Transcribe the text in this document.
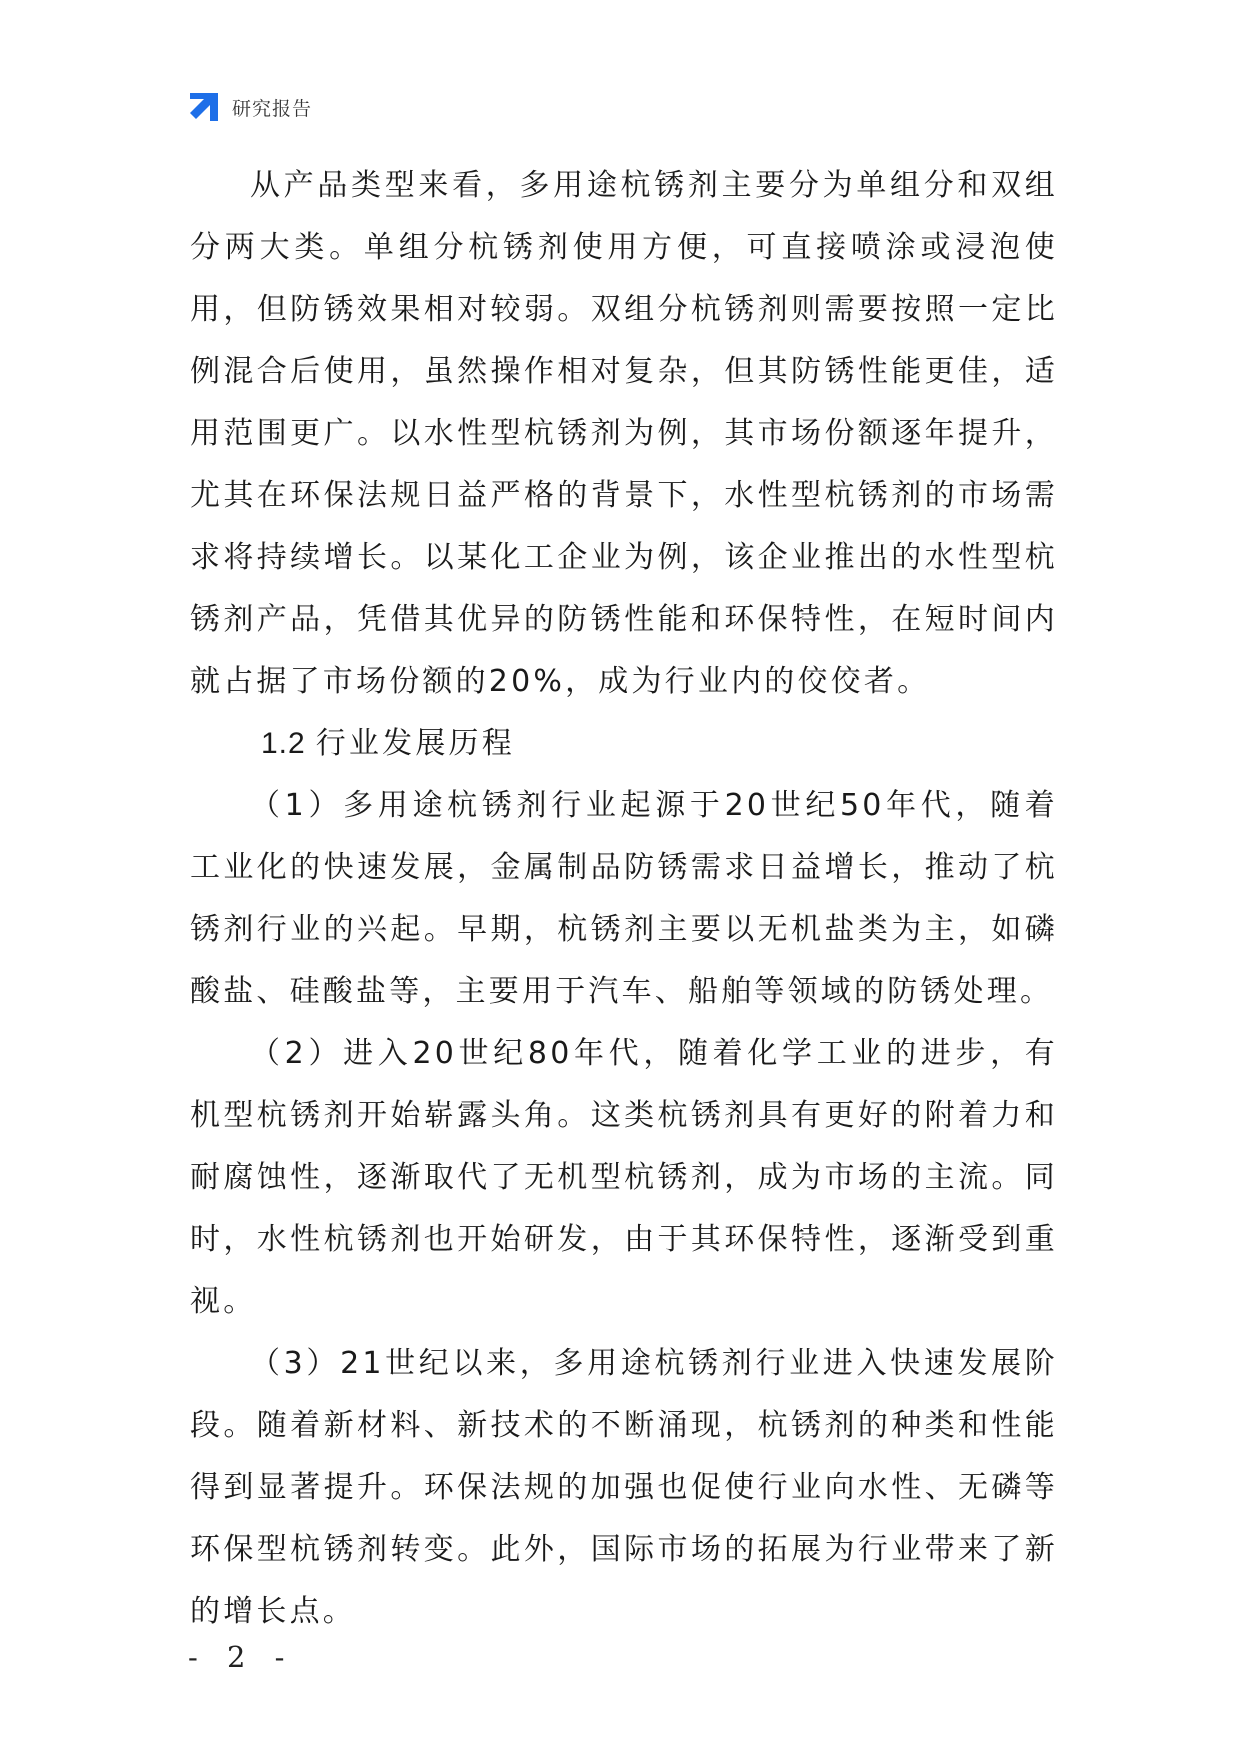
研究报告

从产品类型来看，多用途杭锈剂主要分为单组分和双组分两大类。单组分杭锈剂使用方便，可直接喷涂或浸泡使用，但防锈效果相对较弱。双组分杭锈剂则需要按照一定比例混合后使用，虽然操作相对复杂，但其防锈性能更佳，适用范围更广。以水性型杭锈剂为例，其市场份额逐年提升，尤其在环保法规日益严格的背景下，水性型杭锈剂的市场需求将持续增长。以某化工企业为例，该企业推出的水性型杭锈剂产品，凭借其优异的防锈性能和环保特性，在短时间内就占据了市场份额的20%，成为行业内的佼佼者。

1.2 行业发展历程

（1）多用途杭锈剂行业起源于20世纪50年代，随着工业化的快速发展，金属制品防锈需求日益增长，推动了杭锈剂行业的兴起。早期，杭锈剂主要以无机盐类为主，如磷酸盐、硅酸盐等，主要用于汽车、船舶等领域的防锈处理。

（2）进入20世纪80年代，随着化学工业的进步，有机型杭锈剂开始崭露头角。这类杭锈剂具有更好的附着力和耐腐蚀性，逐渐取代了无机型杭锈剂，成为市场的主流。同时，水性杭锈剂也开始研发，由于其环保特性，逐渐受到重视。

（3）21世纪以来，多用途杭锈剂行业进入快速发展阶段。随着新材料、新技术的不断涌现，杭锈剂的种类和性能得到显著提升。环保法规的加强也促使行业向水性、无磷等环保型杭锈剂转变。此外，国际市场的拓展为行业带来了新的增长点。

- 2 -
